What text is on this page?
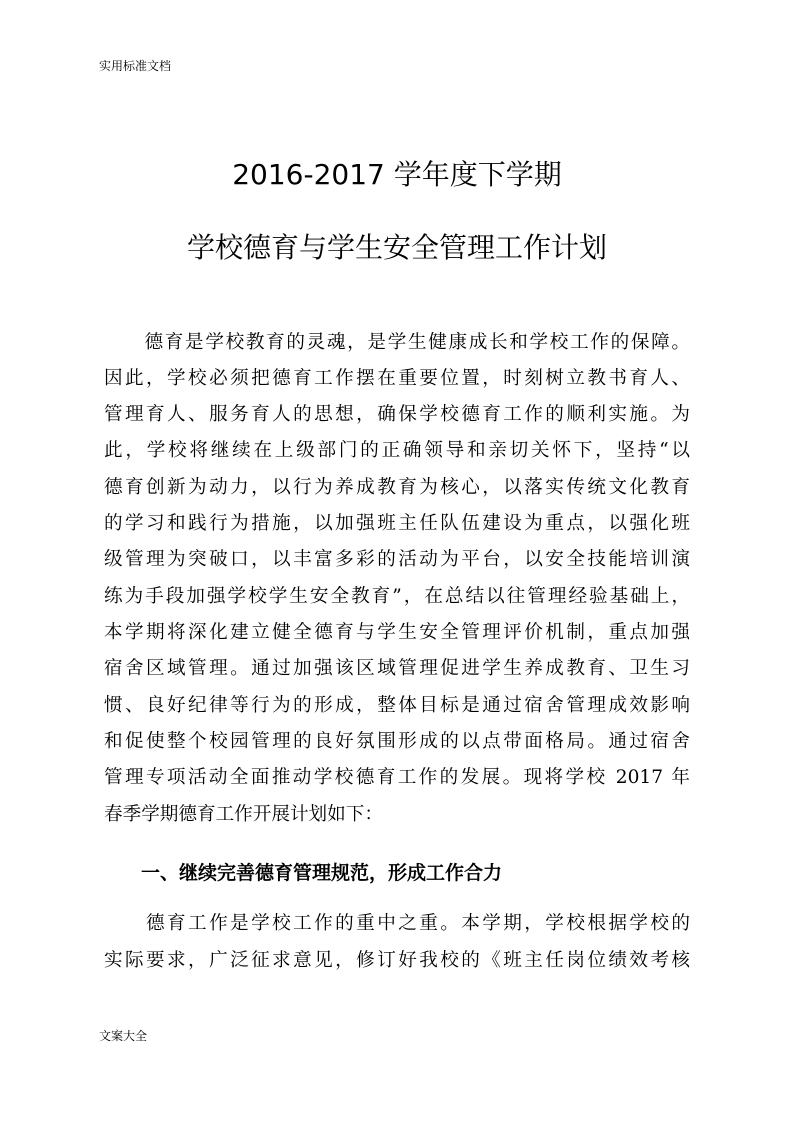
实用标准文档
2016-2017 学年度下学期
学校德育与学生安全管理工作计划
　　德育是学校教育的灵魂，是学生健康成长和学校工作的保障。
因此，学校必须把德育工作摆在重要位置，时刻树立教书育人、
管理育人、服务育人的思想，确保学校德育工作的顺利实施。为
此，学校将继续在上级部门的正确领导和亲切关怀下，坚持“以
德育创新为动力，以行为养成教育为核心，以落实传统文化教育
的学习和践行为措施，以加强班主任队伍建设为重点，以强化班
级管理为突破口，以丰富多彩的活动为平台，以安全技能培训演
练为手段加强学校学生安全教育”，在总结以往管理经验基础上，
本学期将深化建立健全德育与学生安全管理评价机制，重点加强
宿舍区域管理。通过加强该区域管理促进学生养成教育、卫生习
惯、良好纪律等行为的形成，整体目标是通过宿舍管理成效影响
和促使整个校园管理的良好氛围形成的以点带面格局。通过宿舍
管理专项活动全面推动学校德育工作的发展。现将学校 2017 年
春季学期德育工作开展计划如下：
一、继续完善德育管理规范，形成工作合力
　　德育工作是学校工作的重中之重。本学期，学校根据学校的
实际要求，广泛征求意见，修订好我校的《班主任岗位绩效考核
文案大全
